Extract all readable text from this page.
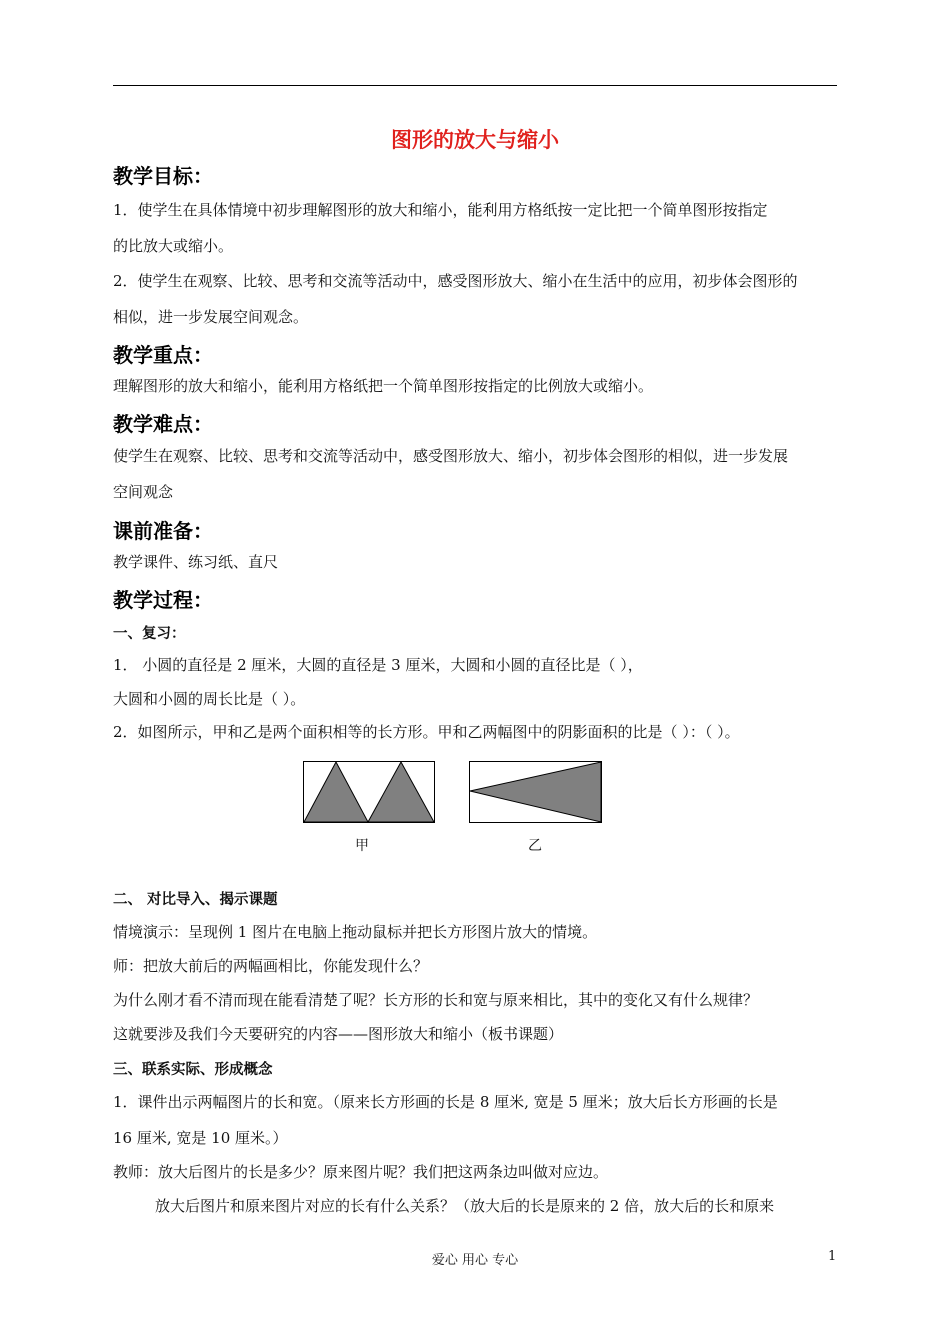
图形的放大与缩小
教学目标：
1．使学生在具体情境中初步理解图形的放大和缩小，能利用方格纸按一定比把一个简单图形按指定
的比放大或缩小。
2．使学生在观察、比较、思考和交流等活动中，感受图形放大、缩小在生活中的应用，初步体会图形的
相似，进一步发展空间观念。
教学重点：
理解图形的放大和缩小，能利用方格纸把一个简单图形按指定的比例放大或缩小。
教学难点：
使学生在观察、比较、思考和交流等活动中，感受图形放大、缩小，初步体会图形的相似，进一步发展
空间观念
课前准备：
教学课件、练习纸、直尺
教学过程：
一、复习：
1． 小圆的直径是 2 厘米，大圆的直径是 3 厘米，大圆和小圆的直径比是（ ），
大圆和小圆的周长比是（ ）。
2．如图所示，甲和乙是两个面积相等的长方形。甲和乙两幅图中的阴影面积的比是（ ）：（ ）。
甲	乙
二、 对比导入、揭示课题
情境演示：呈现例 1 图片在电脑上拖动鼠标并把长方形图片放大的情境。
师：把放大前后的两幅画相比，你能发现什么？
为什么刚才看不清而现在能看清楚了呢？长方形的长和宽与原来相比，其中的变化又有什么规律？
这就要涉及我们今天要研究的内容——图形放大和缩小（板书课题）
三、联系实际、形成概念
1．课件出示两幅图片的长和宽。（原来长方形画的长是 8 厘米, 宽是 5 厘米；放大后长方形画的长是
16 厘米, 宽是 10 厘米。）
教师：放大后图片的长是多少？原来图片呢？我们把这两条边叫做对应边。
放大后图片和原来图片对应的长有什么关系？（放大后的长是原来的 2 倍，放大后的长和原来
爱心 用心 专心	1
